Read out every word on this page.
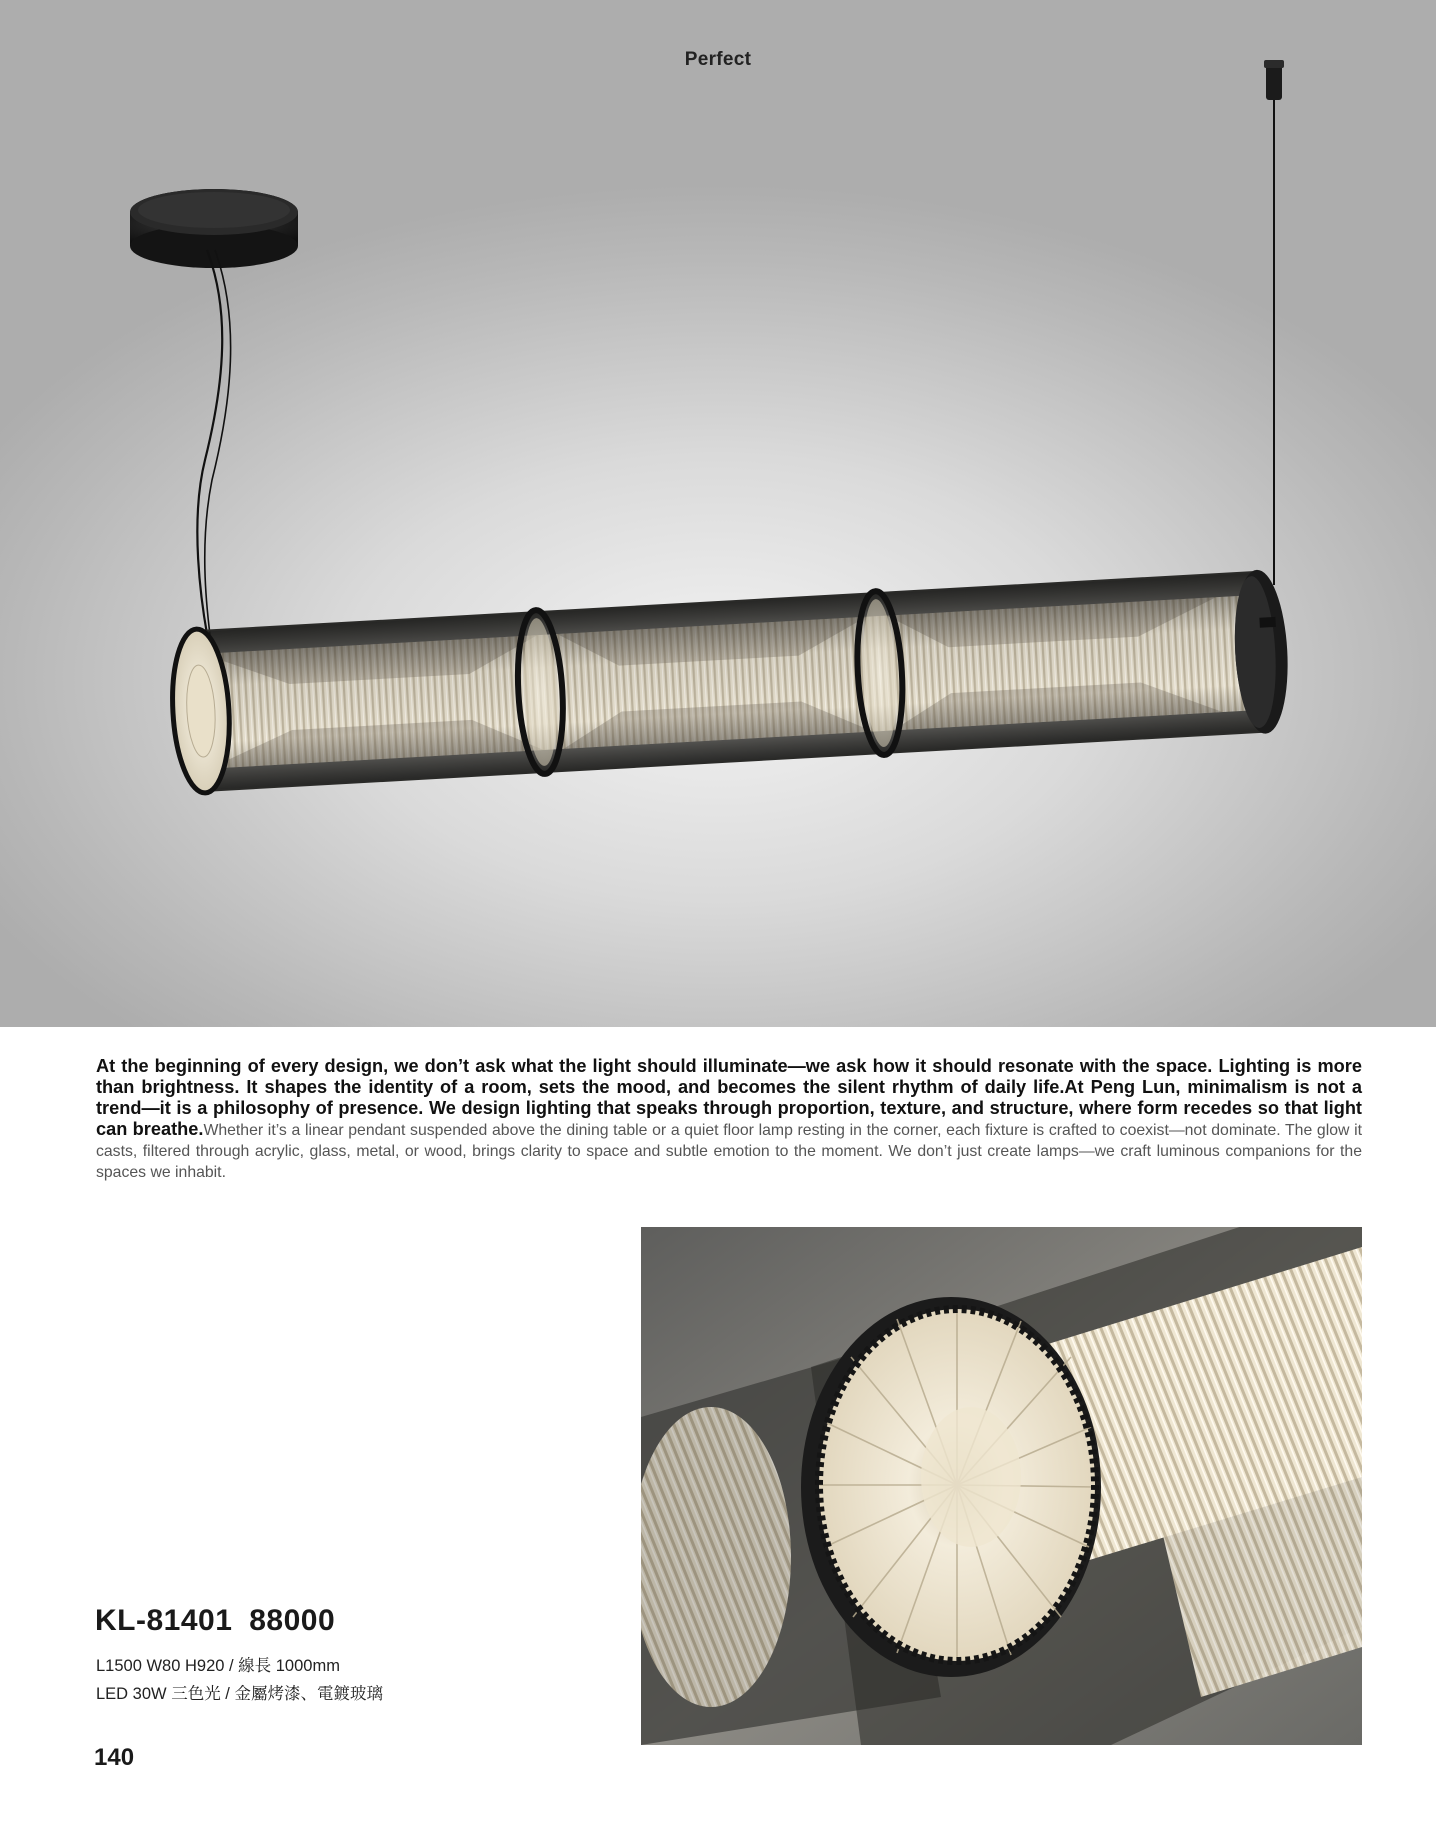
Perfect
At the beginning of every design, we don’t ask what the light should illuminate—we ask how it should resonate with the space. Lighting is more than brightness. It shapes the identity of a room, sets the mood, and becomes the silent rhythm of daily life.At Peng Lun, minimalism is not a trend—it is a philosophy of presence. We design lighting that speaks through proportion, texture, and structure, where form recedes so that light can breathe.Whether it’s a linear pendant suspended above the dining table or a quiet floor lamp resting in the corner, each fixture is crafted to coexist—not dominate. The glow it casts, filtered through acrylic, glass, metal, or wood, brings clarity to space and subtle emotion to the moment. We don’t just create lamps—we craft luminous companions for the spaces we inhabit.
KL-81401 88000
L1500 W80 H920 / 線長 1000mm
LED 30W 三色光 / 金屬烤漆、電鍍玻璃
140
